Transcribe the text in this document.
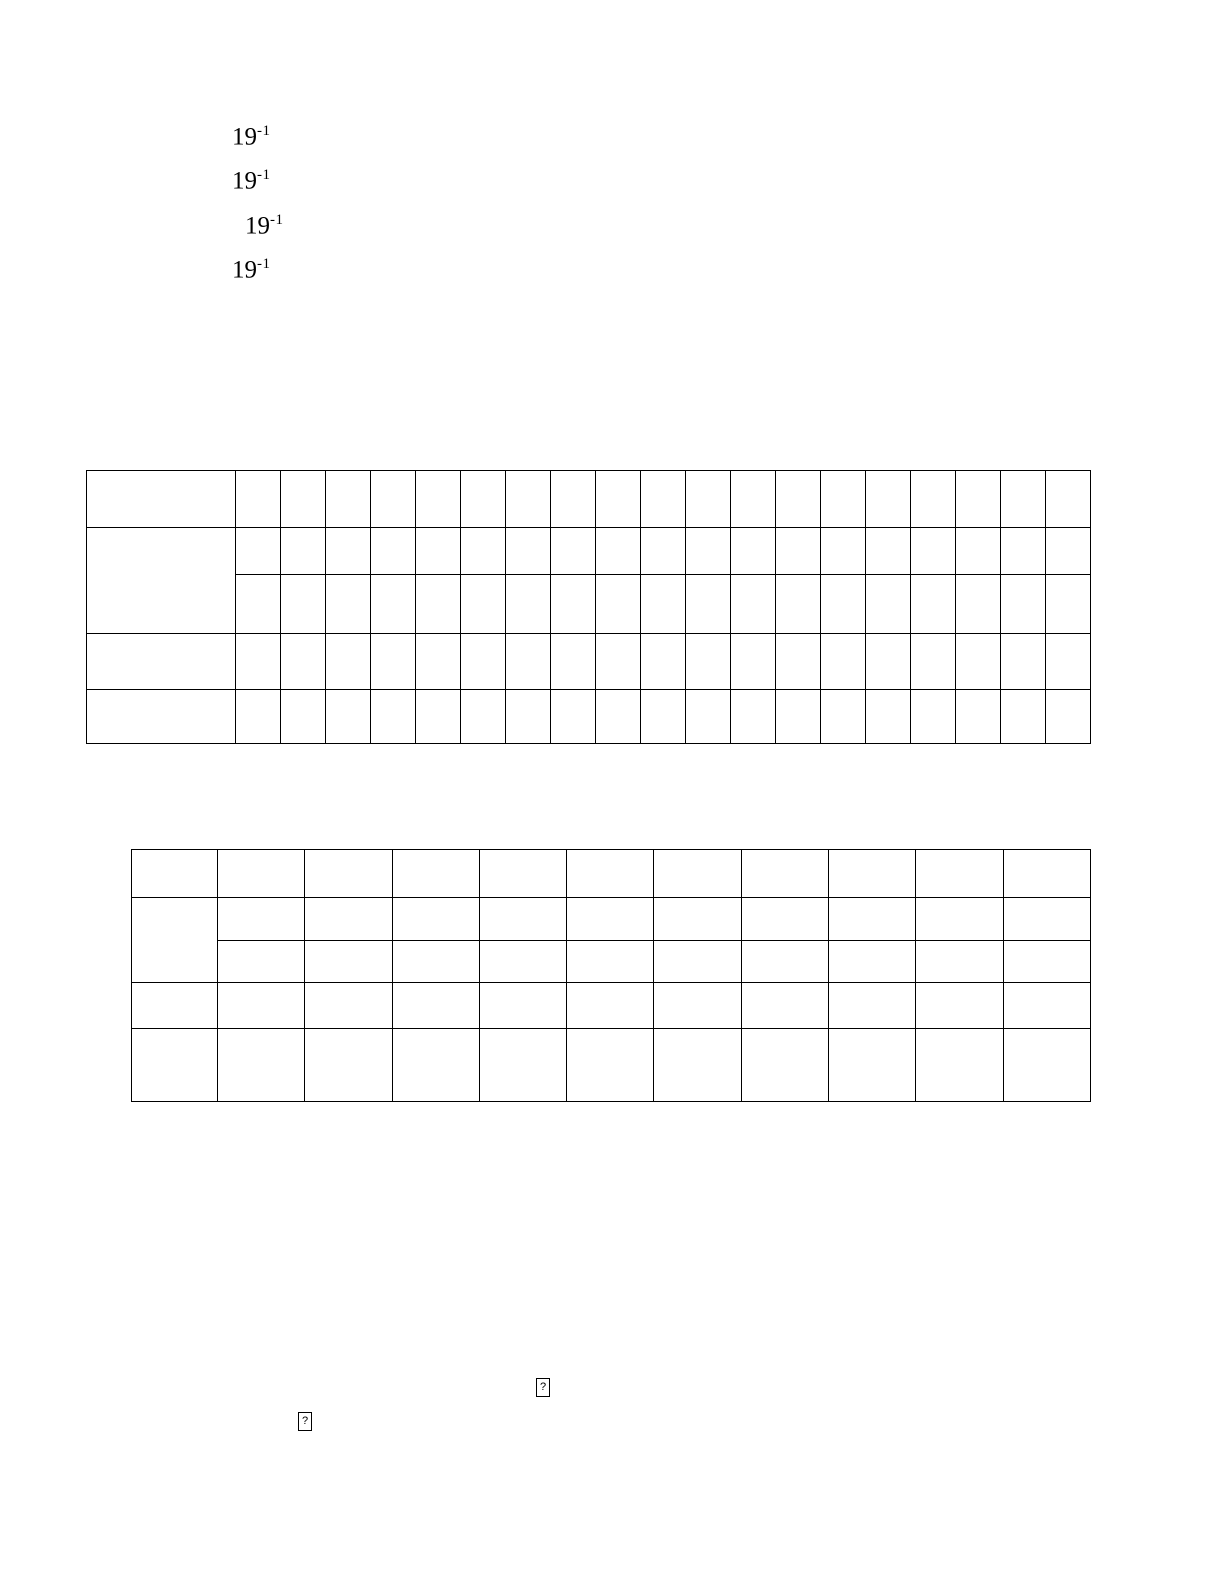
$19^{-1}$
$19^{-1}$
$19^{-1}$
$19^{-1}$

?
?
